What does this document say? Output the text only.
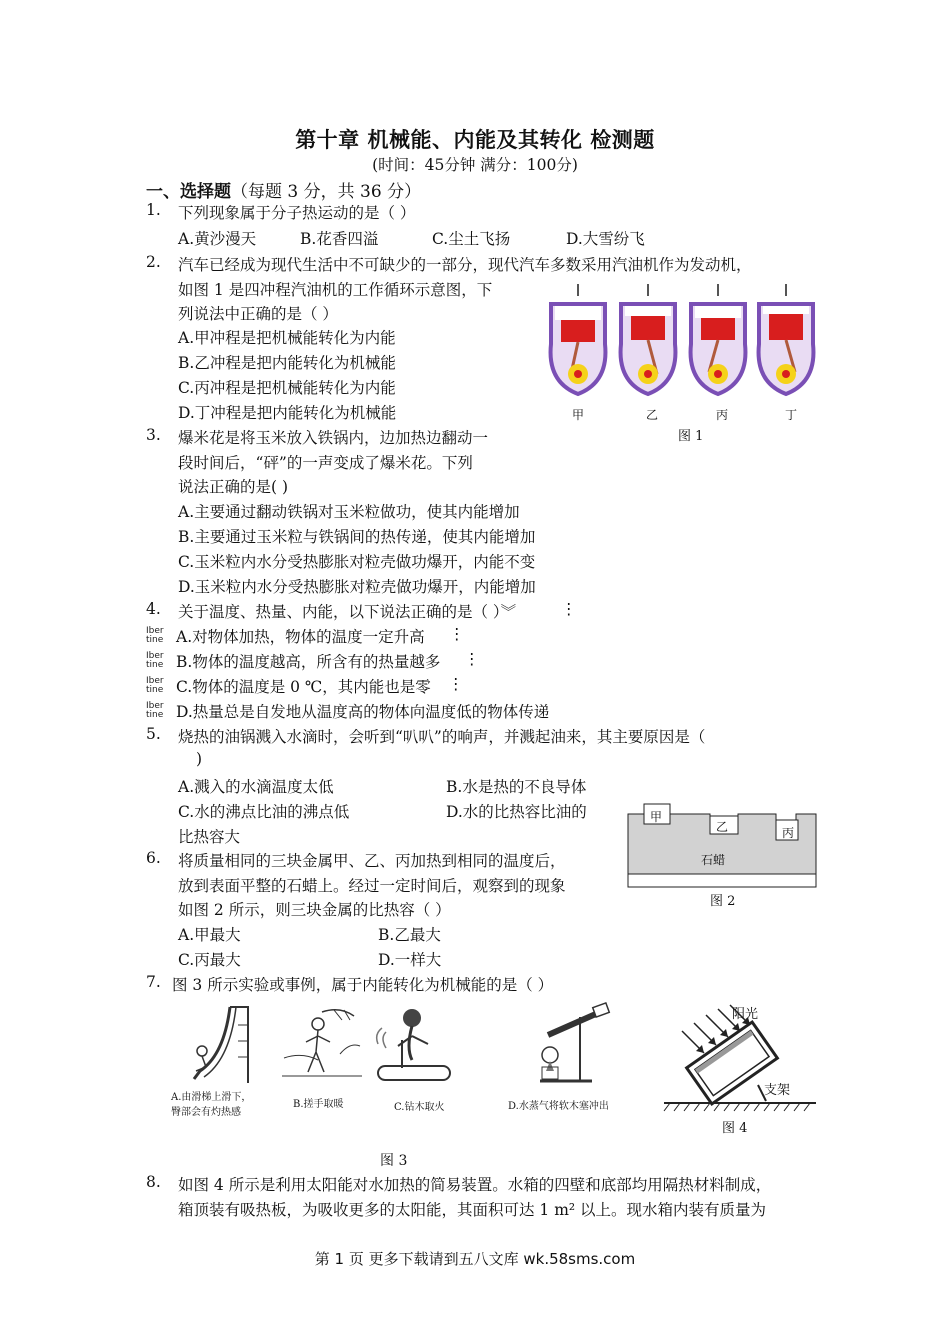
第十章 机械能、内能及其转化 检测题
(时间：45分钟 满分：100分)
一、选择题（每题 3 分，共 36 分）
1. 下列现象属于分子热运动的是（ ）
A.黄沙漫天	B.花香四溢	C.尘土飞扬	D.大雪纷飞
2. 汽车已经成为现代生活中不可缺少的一部分，现代汽车多数采用汽油机作为发动机，
如图 1 是四冲程汽油机的工作循环示意图，下
列说法中正确的是（ ）
A.甲冲程是把机械能转化为内能
B.乙冲程是把内能转化为机械能
C.丙冲程是把机械能转化为内能
D.丁冲程是把内能转化为机械能	甲	乙	丙	丁
图 1
3. 爆米花是将玉米放入铁锅内，边加热边翻动一
段时间后，“砰”的一声变成了爆米花。下列
说法正确的是( )
A.主要通过翻动铁锅对玉米粒做功，使其内能增加
B.主要通过玉米粒与铁锅间的热传递，使其内能增加
C.玉米粒内水分受热膨胀对粒壳做功爆开，内能不变
D.玉米粒内水分受热膨胀对粒壳做功爆开，内能增加
4. 关于温度、热量、内能，以下说法正确的是（ ）︾	⋮
Iber
tine A.对物体加热，物体的温度一定升高 ⋮
Iber
tine B.物体的温度越高，所含有的热量越多 ⋮
Iber
tine C.物体的温度是 0 ℃，其内能也是零 ⋮
Iber
tine D.热量总是自发地从温度高的物体向温度低的物体传递
5. 烧热的油锅溅入水滴时，会听到“叭叭”的响声，并溅起油来，其主要原因是（
)
A.溅入的水滴温度太低	B.水是热的不良导体
C.水的沸点比油的沸点低	D.水的比热容比油的
比热容大
甲
乙	丙
石蜡
图 2
6. 将质量相同的三块金属甲、乙、丙加热到相同的温度后，
放到表面平整的石蜡上。经过一定时间后，观察到的现象
如图 2 所示，则三块金属的比热容（ ）
A.甲最大	B.乙最大
C.丙最大	D.一样大
7. 图 3 所示实验或事例，属于内能转化为机械能的是（ ）
A.由滑梯上滑下，
臀部会有灼热感
B.搓手取暖	C.钻木取火	D.水蒸气将软木塞冲出
图 3
阳光
支架
图 4
8. 如图 4 所示是利用太阳能对水加热的简易装置。水箱的四壁和底部均用隔热材料制成，
箱顶装有吸热板，为吸收更多的太阳能，其面积可达 1 m² 以上。现水箱内装有质量为
第 1 页 更多下载请到五八文库 wk.58sms.com
